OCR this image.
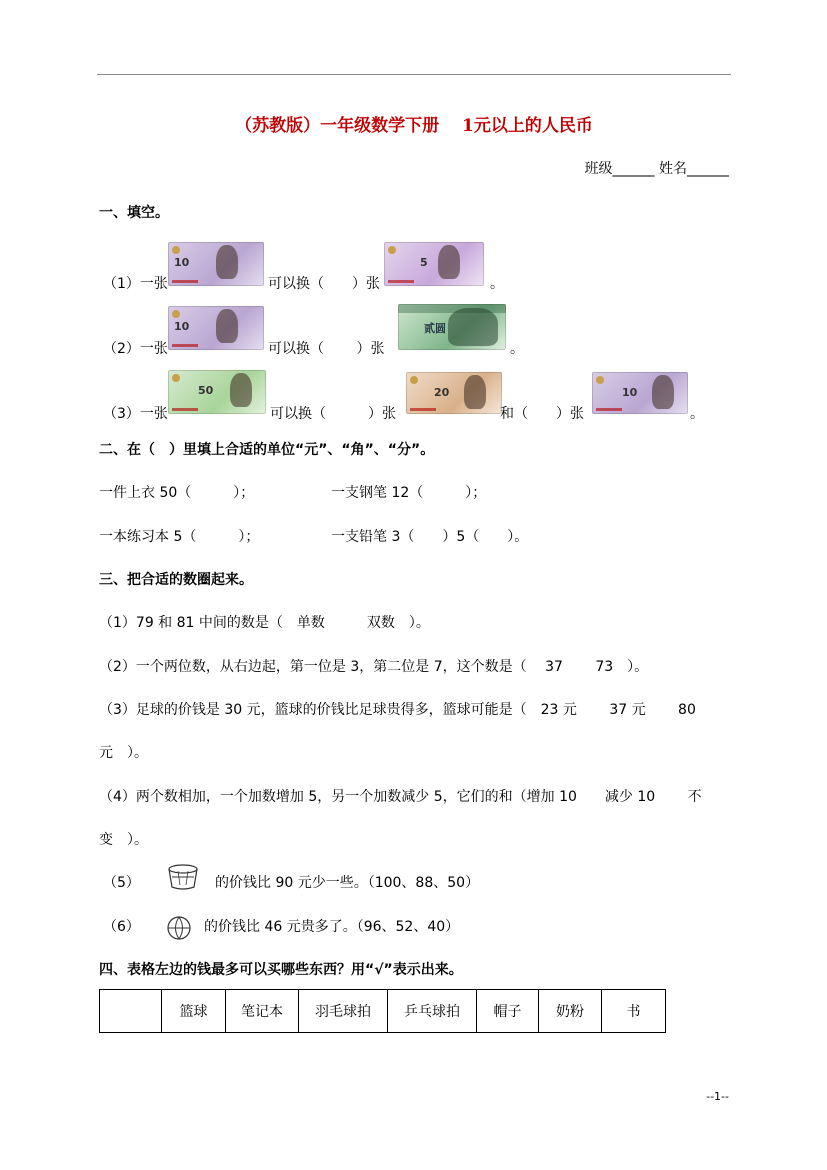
（苏教版）一年级数学下册　 1元以上的人民币
班级______ 姓名______
一、填空。
（1）一张
10
可以换（　　）张
5
。
（2）一张
10
可以换（　　 ）张
贰圆
。
（3）一张
50
可以换（　　　）张
20
和（　　）张
10
。
二、在（　）里填上合适的单位“元”、“角”、“分”。
一件上衣 50（　　　）；	一支钢笔 12（　　　）；
一本练习本 5（　　　）；	一支铅笔 3（　　）5（　　）。
三、把合适的数圈起来。
（1）79 和 81 中间的数是（　单数　　　双数　）。
（2）一个两位数，从右边起，第一位是 3，第二位是 7，这个数是（　 37　　 73　）。
（3）足球的价钱是 30 元，篮球的价钱比足球贵得多，篮球可能是（　23 元　　 37 元　　 80
元　）。
（4）两个数相加，一个加数增加 5，另一个加数减少 5，它们的和（增加 10　　减少 10　　 不
变　）。
（5）	的价钱比 90 元少一些。（100、88、50）
（6）	的价钱比 46 元贵多了。（96、52、40）
四、表格左边的钱最多可以买哪些东西？用“√”表示出来。
	篮球	笔记本	羽毛球拍	乒乓球拍	帽子	奶粉	书
--1--
